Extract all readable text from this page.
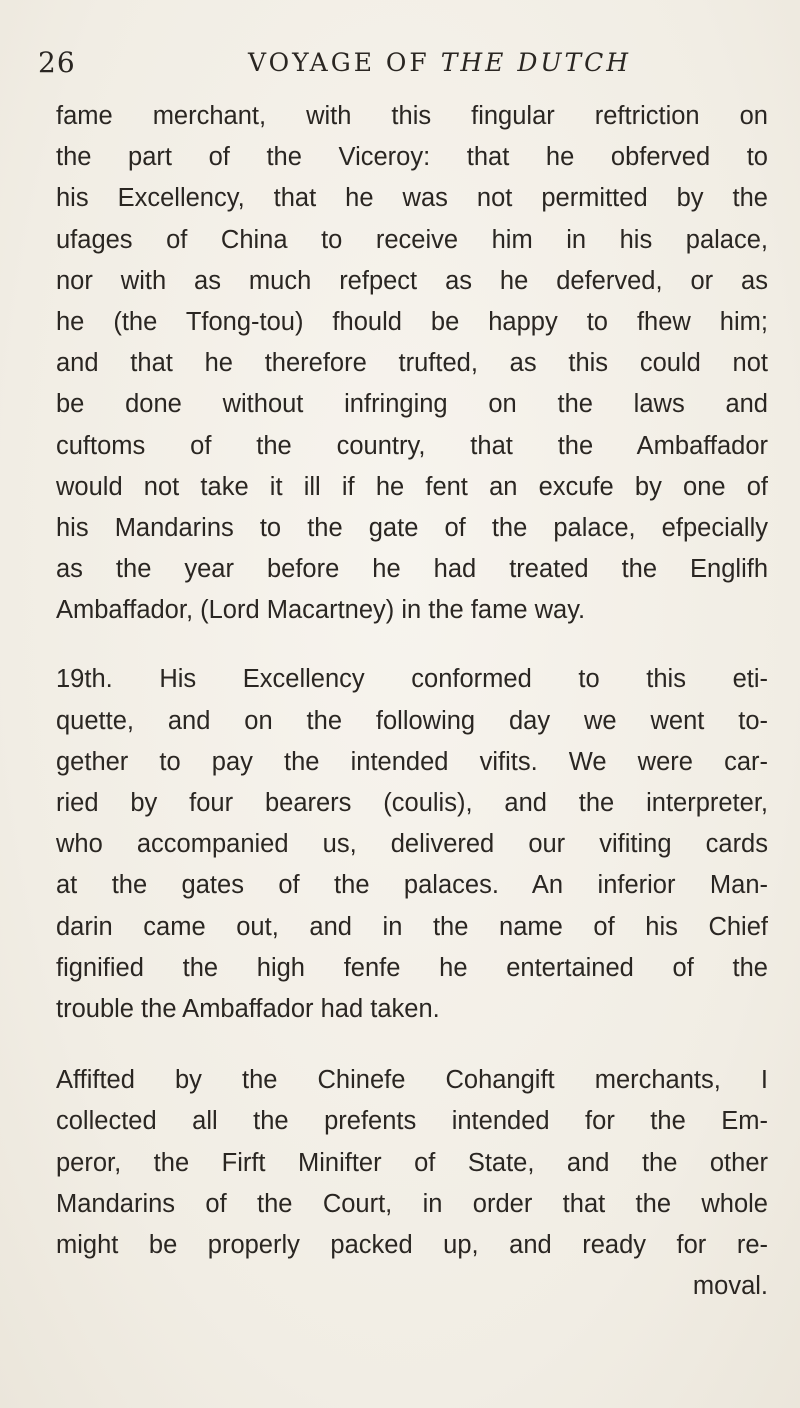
26	VOYAGE OF THE DUTCH
fame merchant, with this fingular reftriction on
the part of the Viceroy: that he obferved to
his Excellency, that he was not permitted by the
ufages of China to receive him in his palace,
nor with as much refpect as he deferved, or as
he (the Tfong-tou) fhould be happy to fhew him;
and that he therefore trufted, as this could not
be done without infringing on the laws and
cuftoms of the country, that the Ambaffador
would not take it ill if he fent an excufe by one of
his Mandarins to the gate of the palace, efpecially
as the year before he had treated the Englifh
Ambaffador, (Lord Macartney) in the fame way.
19th. His Excellency conformed to this eti-
quette, and on the following day we went to-
gether to pay the intended vifits. We were car-
ried by four bearers (coulis), and the interpreter,
who accompanied us, delivered our vifiting cards
at the gates of the palaces. An inferior Man-
darin came out, and in the name of his Chief
fignified the high fenfe he entertained of the
trouble the Ambaffador had taken.
Affifted by the Chinefe Cohangift merchants, I
collected all the prefents intended for the Em-
peror, the Firft Minifter of State, and the other
Mandarins of the Court, in order that the whole
might be properly packed up, and ready for re-
moval.
